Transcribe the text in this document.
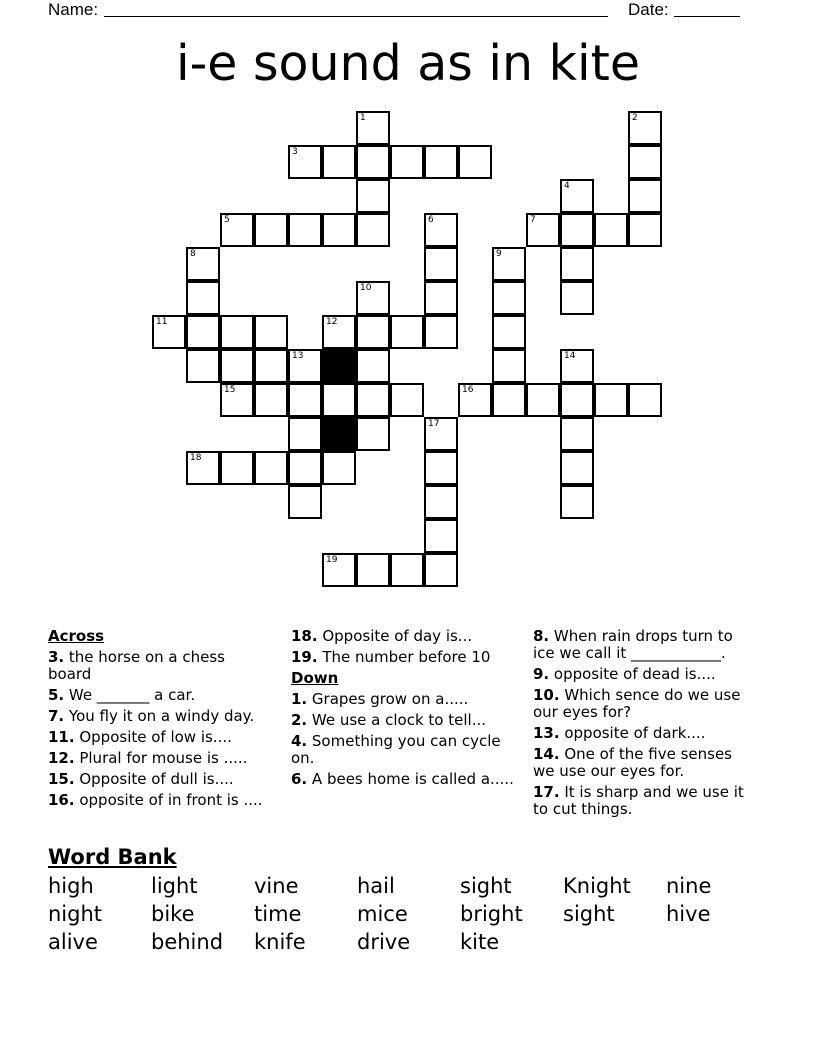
Name:	Date:
i-e sound as in kite
1	2
3
4
5	6	7
8	9
10
11	12
13	14
15	16
17
18
19
Across
3. the horse on a chess board
5. We _______ a car.
7. You fly it on a windy day.
11. Opposite of low is....
12. Plural for mouse is .....
15. Opposite of dull is....
16. opposite of in front is ....
18. Opposite of day is...
19. The number before 10
Down
1. Grapes grow on a.....
2. We use a clock to tell...
4. Something you can cycle on.
6. A bees home is called a.....
8. When rain drops turn to ice we call it ____________.
9. opposite of dead is....
10. Which sence do we use our eyes for?
13. opposite of dark....
14. One of the five senses we use our eyes for.
17. It is sharp and we use it to cut things.
Word Bank
high	light	vine	hail	sight Knight nine
night bike	time	mice bright sight hive
alive	behind knife drive kite
